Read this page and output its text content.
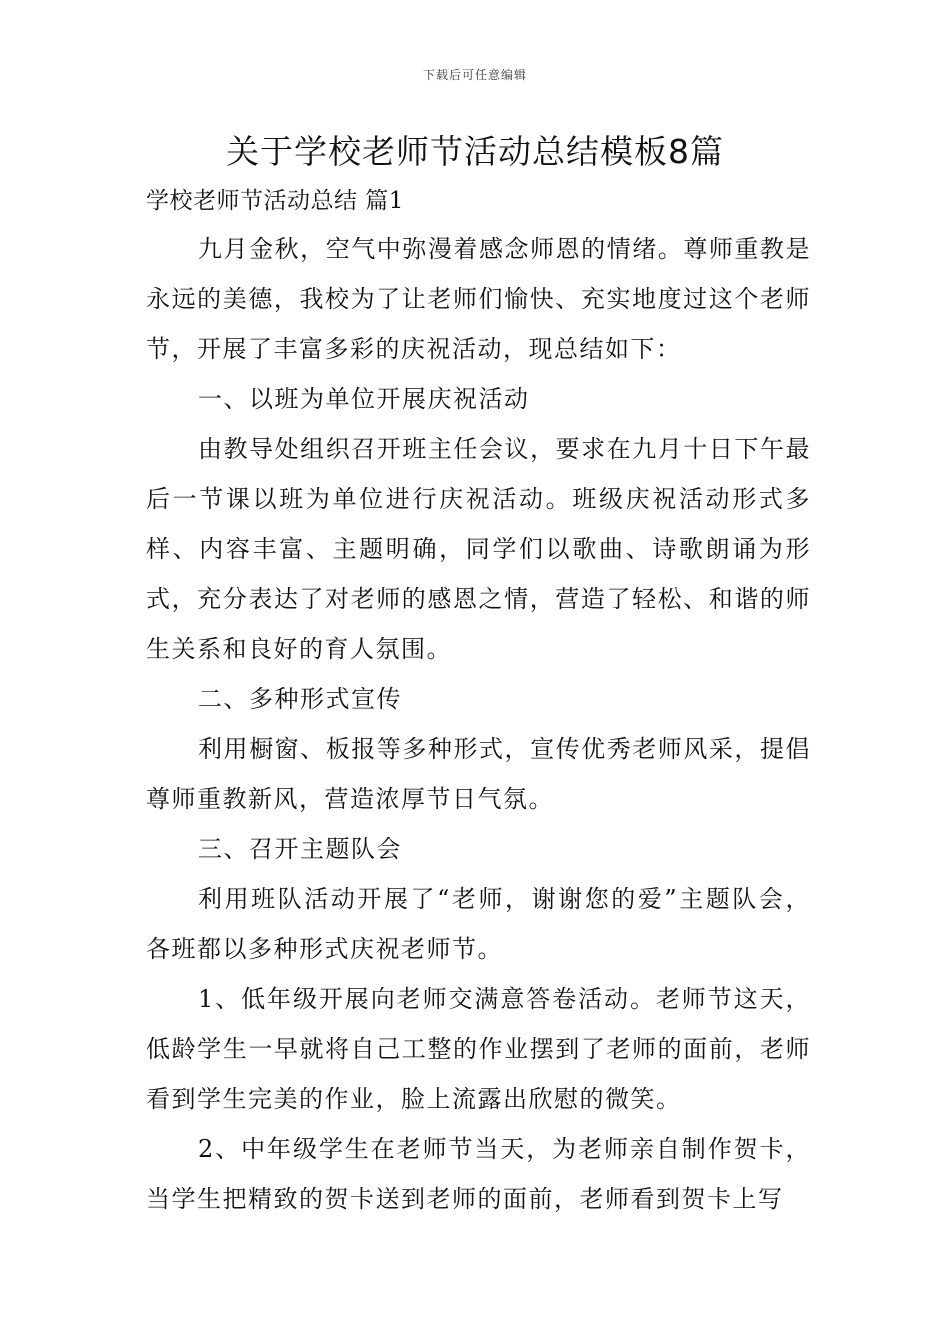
下载后可任意编辑
关于学校老师节活动总结模板8篇
学校老师节活动总结 篇1

九月金秋，空气中弥漫着感念师恩的情绪。尊师重教是永远的美德，我校为了让老师们愉快、充实地度过这个老师节，开展了丰富多彩的庆祝活动，现总结如下：

一、以班为单位开展庆祝活动

由教导处组织召开班主任会议，要求在九月十日下午最后一节课以班为单位进行庆祝活动。班级庆祝活动形式多样、内容丰富、主题明确，同学们以歌曲、诗歌朗诵为形式，充分表达了对老师的感恩之情，营造了轻松、和谐的师生关系和良好的育人氛围。

二、多种形式宣传

利用橱窗、板报等多种形式，宣传优秀老师风采，提倡尊师重教新风，营造浓厚节日气氛。

三、召开主题队会

利用班队活动开展了“老师，谢谢您的爱”主题队会，各班都以多种形式庆祝老师节。

1、低年级开展向老师交满意答卷活动。老师节这天，低龄学生一早就将自己工整的作业摆到了老师的面前，老师看到学生完美的作业，脸上流露出欣慰的微笑。

2、中年级学生在老师节当天，为老师亲自制作贺卡，当学生把精致的贺卡送到老师的面前，老师看到贺卡上写
